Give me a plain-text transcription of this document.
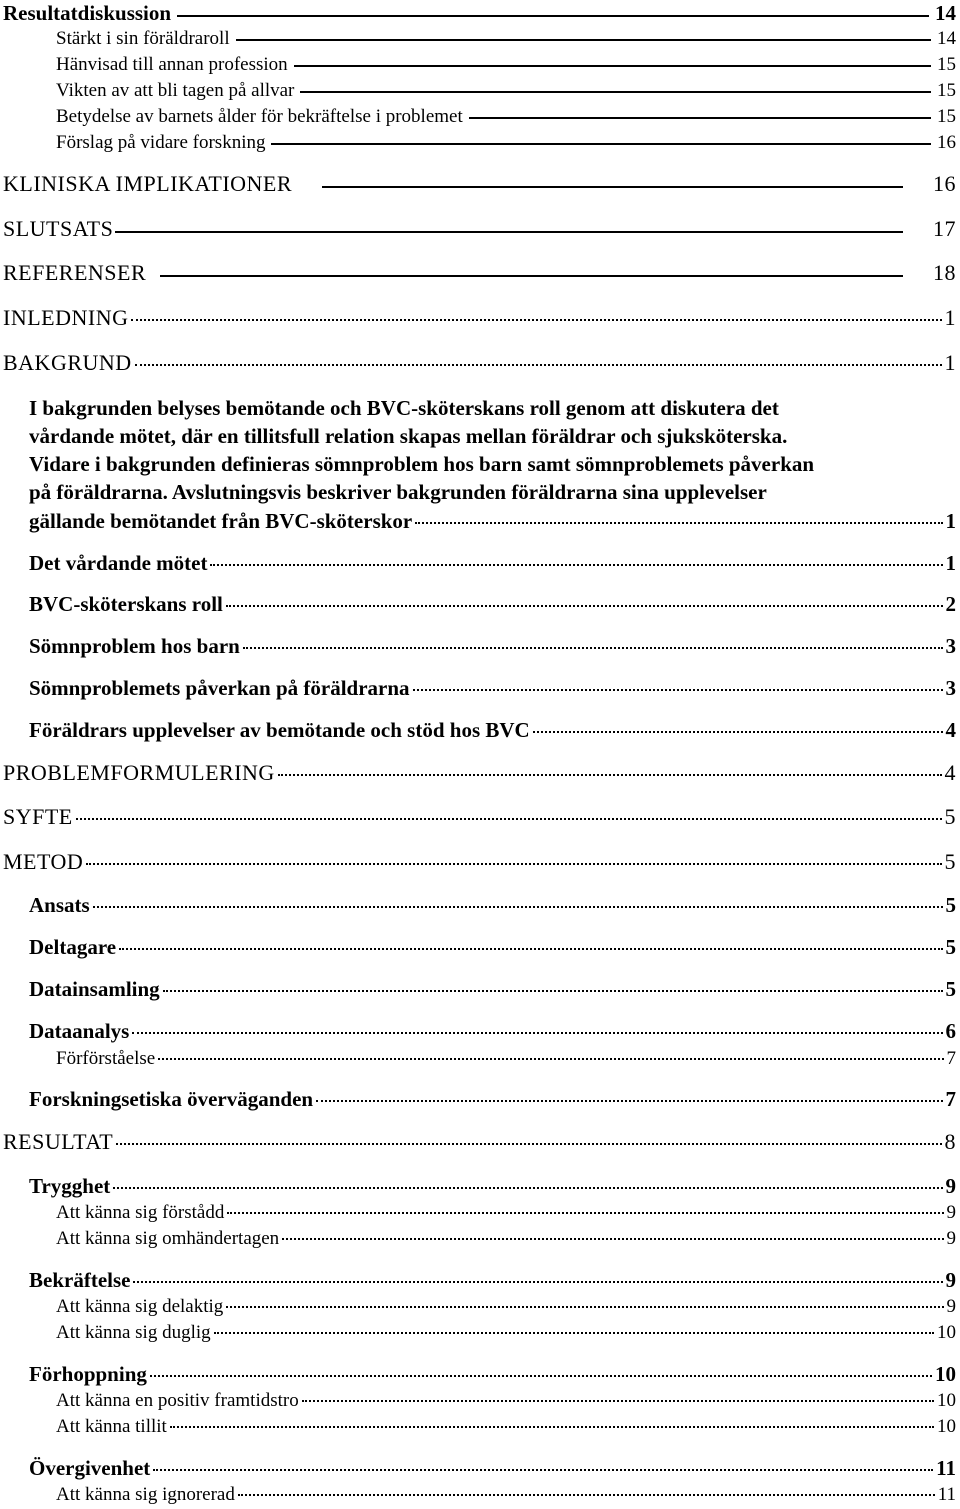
Resultatdiskussion	14
Stärkt i sin föräldraroll	14
Hänvisad till annan profession	15
Vikten av att bli tagen på allvar	15
Betydelse av barnets ålder för bekräftelse i problemet	15
Förslag på vidare forskning	16
KLINISKA IMPLIKATIONER	16
SLUTSATS	17
REFERENSER	18
INLEDNING	1
BAKGRUND	1

I bakgrunden belyses bemötande och BVC-sköterskans roll genom att diskutera det

vårdande mötet, där en tillitsfull relation skapas mellan föräldrar och sjuksköterska.

Vidare i bakgrunden definieras sömnproblem hos barn samt sömnproblemets påverkan

på föräldrarna. Avslutningsvis beskriver bakgrunden föräldrarna sina upplevelser

gällande bemötandet från BVC-sköterskor	1
Det vårdande mötet	1
BVC-sköterskans roll	2
Sömnproblem hos barn	3
Sömnproblemets påverkan på föräldrarna	3
Föräldrars upplevelser av bemötande och stöd hos BVC	4
PROBLEMFORMULERING	4
SYFTE	5
METOD	5
Ansats	5
Deltagare	5
Datainsamling	5
Dataanalys	6
Förförståelse	7
Forskningsetiska överväganden	7
RESULTAT	8
Trygghet	9
Att känna sig förstådd	9
Att känna sig omhändertagen	9
Bekräftelse	9
Att känna sig delaktig	9
Att känna sig duglig	10
Förhoppning	10
Att känna en positiv framtidstro	10
Att känna tillit	10
Övergivenhet	11
Att känna sig ignorerad	11
